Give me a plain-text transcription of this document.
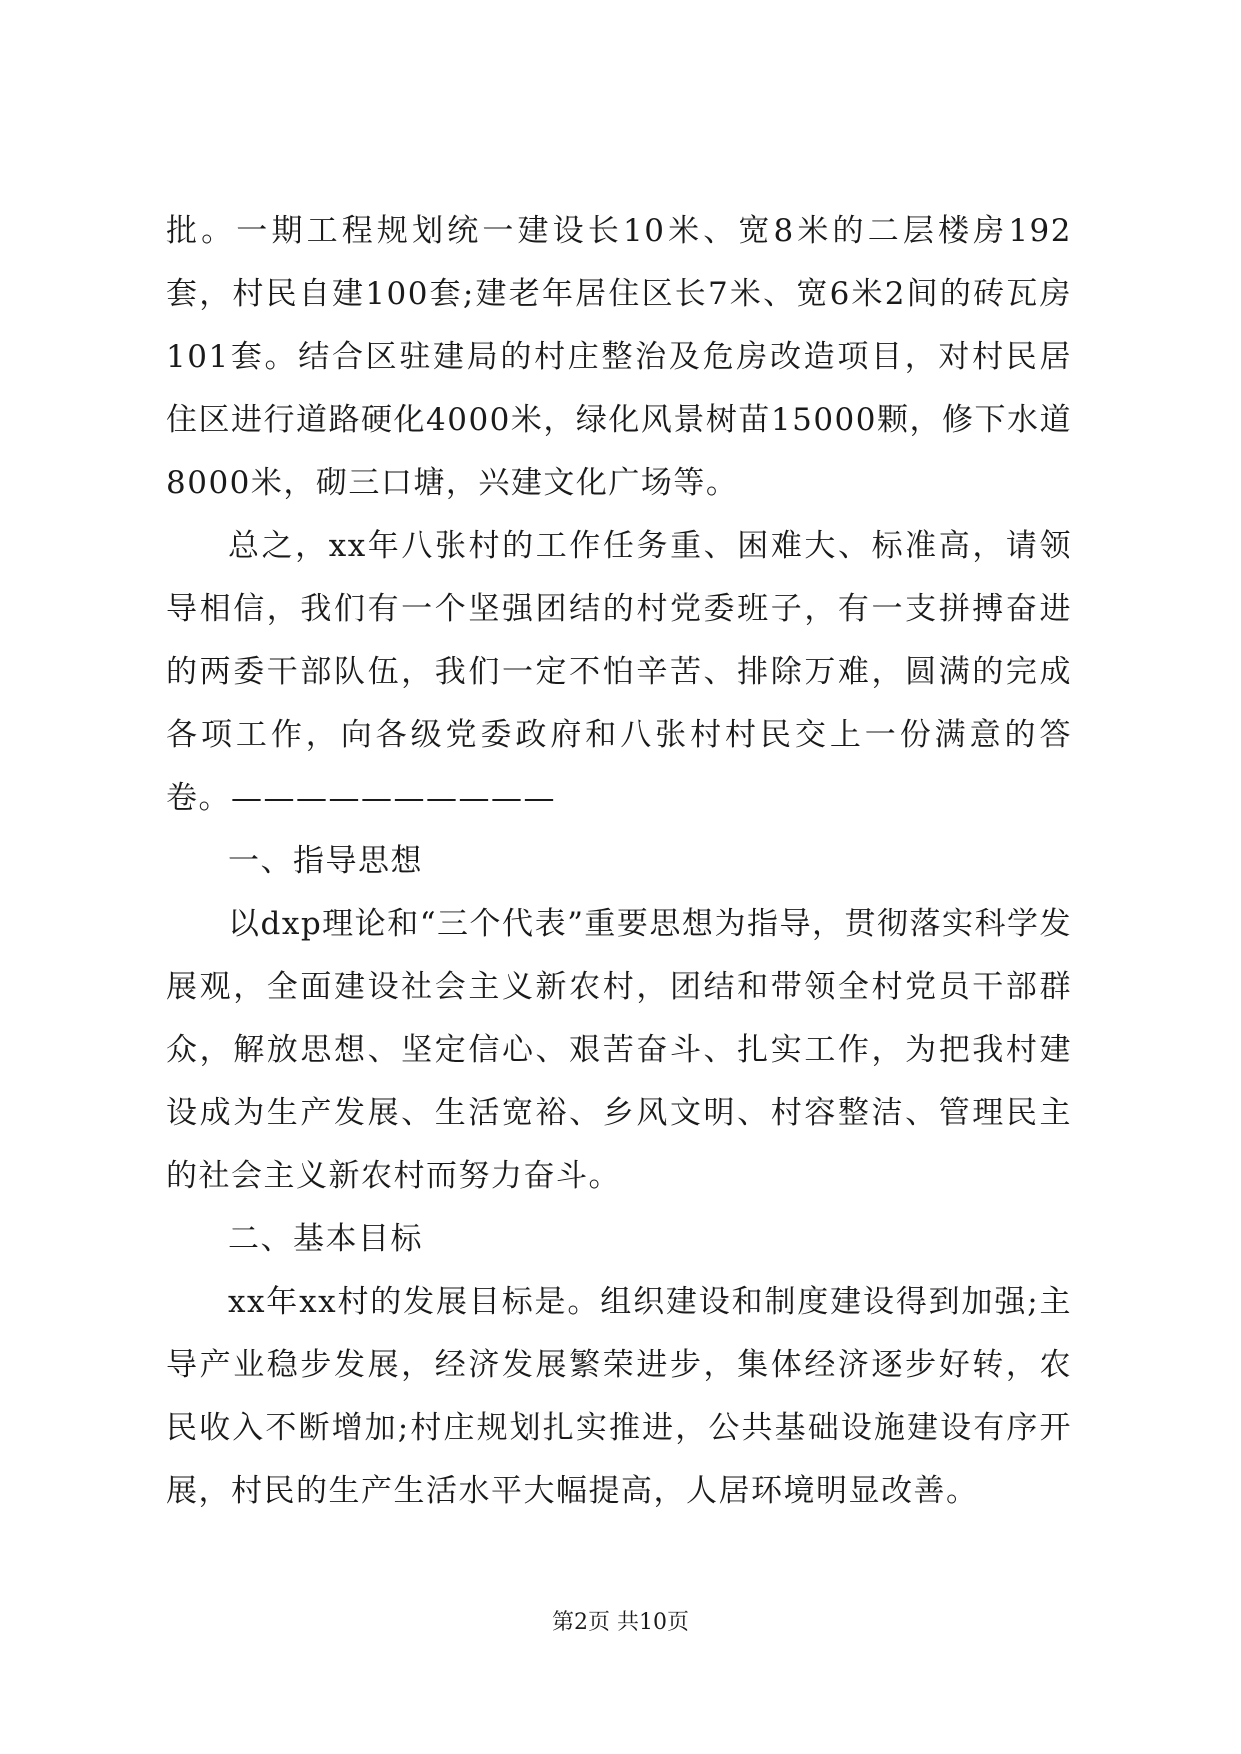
批。一期工程规划统一建设长10米、宽8米的二层楼房192套，村民自建100套;建老年居住区长7米、宽6米2间的砖瓦房101套。结合区驻建局的村庄整治及危房改造项目，对村民居住区进行道路硬化4000米，绿化风景树苗15000颗，修下水道8000米，砌三口塘，兴建文化广场等。

总之，xx年八张村的工作任务重、困难大、标准高，请领导相信，我们有一个坚强团结的村党委班子，有一支拼搏奋进的两委干部队伍，我们一定不怕辛苦、排除万难，圆满的完成各项工作，向各级党委政府和八张村村民交上一份满意的答卷。——————————

一、指导思想

以dxp理论和“三个代表”重要思想为指导，贯彻落实科学发展观，全面建设社会主义新农村，团结和带领全村党员干部群众，解放思想、坚定信心、艰苦奋斗、扎实工作，为把我村建设成为生产发展、生活宽裕、乡风文明、村容整洁、管理民主的社会主义新农村而努力奋斗。

二、基本目标

xx年xx村的发展目标是。组织建设和制度建设得到加强;主导产业稳步发展，经济发展繁荣进步，集体经济逐步好转，农民收入不断增加;村庄规划扎实推进，公共基础设施建设有序开展，村民的生产生活水平大幅提高，人居环境明显改善。

第2页 共10页
